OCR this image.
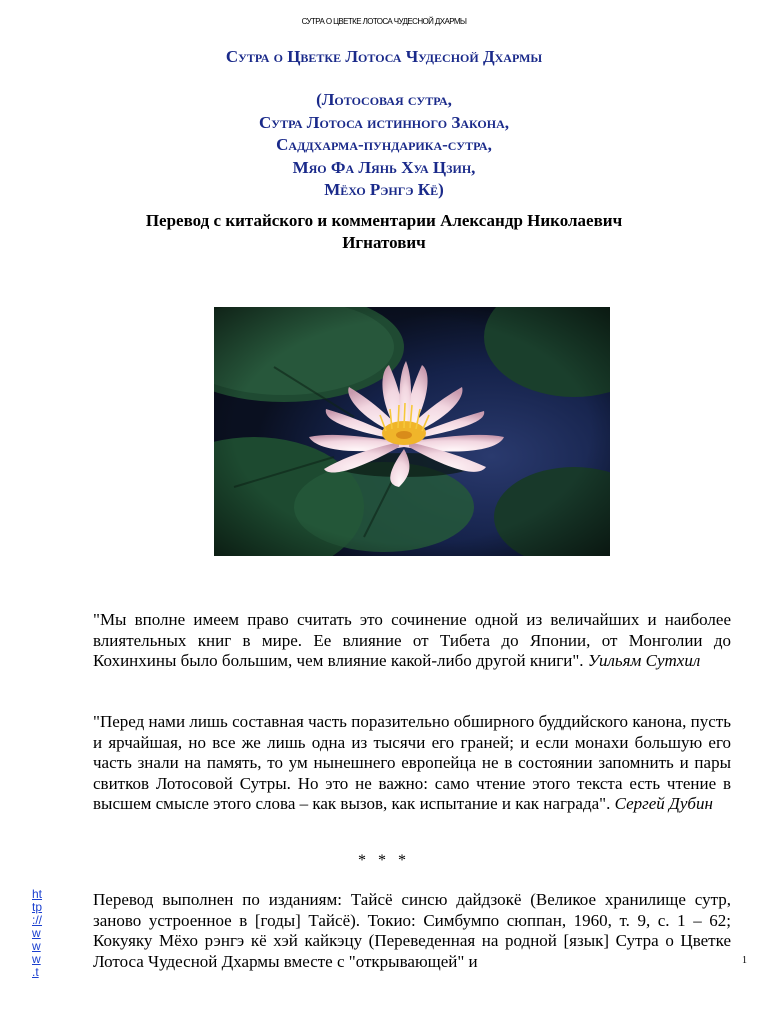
СУТРА О ЦВЕТКЕ ЛОТОСА ЧУДЕСНОЙ ДХАРМЫ
Сутра о Цветке Лотоса Чудесной Дхармы
(Лотосовая сутра,
Сутра Лотоса истинного Закона,
Саддхарма-пундарика-сутра,
Мяо Фа Лянь Хуа Цзин,
Мёхо Рэнгэ Кё)
Перевод с китайского и комментарии Александр Николаевич Игнатович
"Мы вполне имеем право считать это сочинение одной из величайших и наиболее влиятельных книг в мире. Ее влияние от Тибета до Японии, от Монголии до Кохинхины было большим, чем влияние какой-либо другой книги". Уильям Сутхил
"Перед нами лишь составная часть поразительно обширного буддийского канона, пусть и ярчайшая, но все же лишь одна из тысячи его граней; и если монахи большую его часть знали на память, то ум нынешнего европейца не в состоянии запомнить и пары свитков Лотосовой Сутры. Но это не важно: само чтение этого текста есть чтение в высшем смысле этого слова – как вызов, как испытание и как награда". Сергей Дубин
* * *
Перевод выполнен по изданиям: Тайсё синсю дайдзокё (Великое хранилище сутр, заново устроенное в [годы] Тайсё). Токио: Симбумпо сюппан, 1960, т. 9, с. 1 – 62; Кокуяку Мёхо рэнгэ кё хэй кайкэцу (Переведенная на родной [язык] Сутра о Цветке Лотоса Чудесной Дхармы вместе с "открывающей" и
ht
tp
://
w
w
w
.t
1
